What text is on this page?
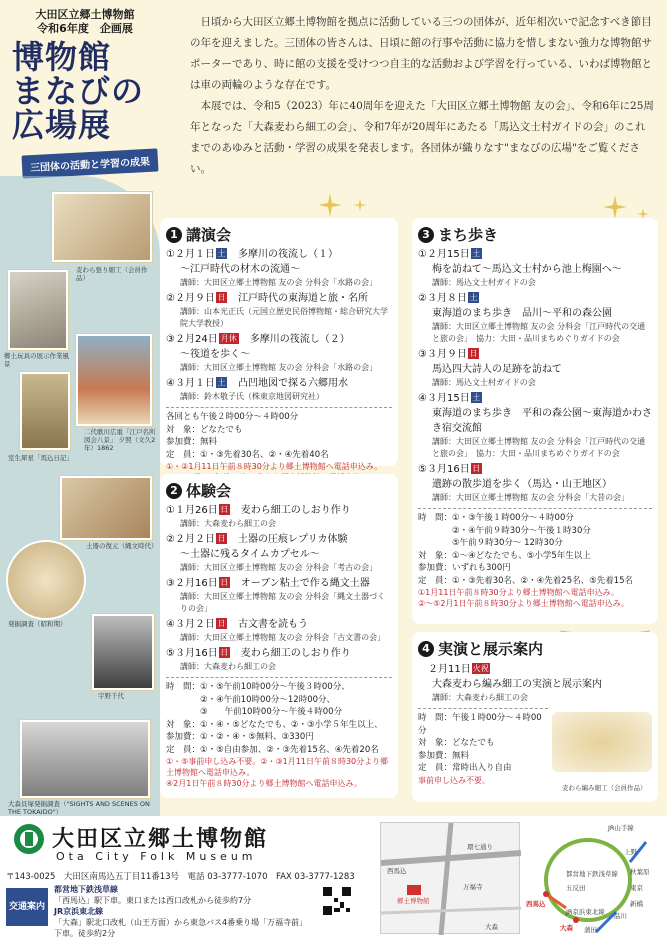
大田区立郷土博物館
令和6年度　企画展
博物館
まなびの
広場展
三団体の活動と学習の成果

日頃から大田区立郷土博物館を拠点に活動している三つの団体が、近年相次いで記念すべき節目の年を迎えました。三団体の皆さんは、日頃に館の行事や活動に協力を惜しまない強力な博物館サポーターであり、時に館の支援を受けつつ自主的な活動および学習を行っている、いわば博物館とは車の両輪のような存在です。

本展では、令和5（2023）年に40周年を迎えた「大田区立郷土博物館 友の会」、令和6年に25周年となった「大森麦わら細工の会」、令和7年が20周年にあたる「馬込文士村ガイドの会」のこれまでのあゆみと活動・学習の成果を発表します。各団体が織りなす"まなびの広場"をご覧ください。

麦わら張り細工（会員作品）
郷土玩具の展示作業風景
室生犀星「馬込日記」
二代歌川広重「江戸名所図会八景」 夕照（文久2年）1862
土器の復元（縄文時代）
発掘調査（昭和期）
宇野千代
大森貝塚発掘調査（"SIGHTS AND SCENES ON THE TOKAIDO"）
1 講演会
①２月１日 土　 多摩川の筏流し（１）
～江戸時代の材木の流通～
講師：大田区立郷土博物館 友の会 分科会「水路の会」
②２月９日 日　 江戸時代の東海道と旅・名所
講師：山本光正氏（元国立歴史民俗博物館・総合研究大学院大学教授）
③２月24日 月休　 多摩川の筏流し（２）
～筏道を歩く～
講師：大田区立郷土博物館 友の会 分科会「水路の会」
④３月１日 土　 凸凹地図で探る六郷用水
講師：鈴木敬子氏（株東京地図研究社）
各回とも午後２時00分～４時00分
対　象：どなたでも
参加費：無料
定　員：①・③先着30名、②・④先着40名
①・②1月11日午前８時30分より郷土博物館へ電話申込み。
2 体験会
①１月26日 日　 麦わら細工のしおり作り
講師：大森麦わら細工の会
②２月２日 日　 土器の圧痕レプリカ体験
～土器に残るタイムカプセル～
講師：大田区立郷土博物館 友の会 分科会「考古の会」
③２月16日 日　 オーブン粘土で作る縄文土器
講師：大田区立郷土博物館 友の会 分科会「縄文土器づくりの会」
④３月２日 日　 古文書を読もう
講師：大田区立郷土博物館 友の会 分科会「古文書の会」
⑤３月16日 日　 麦わら細工のしおり作り
講師：大森麦わら細工の会
時　間：①・⑤午前10時00分～午後３時00分、
　　　　②・④午前10時00分～12時00分、
　　　　③　　午前10時00分～午後４時00分
対　象：①・④・⑤どなたでも、②・③小学５年生以上、
参加費：①・②・④・⑤無料、③330円
定　員：①・⑤自由参加、②・③先着15名、④先着20名
①・⑤事前申し込み不要。②・③1月11日午前８時30分より郷土博物館へ電話申込み。
④2月1日午前８時30分より郷土博物館へ電話申込み。
3 まち歩き
①２月15日 土
梅を訪ねて～馬込文士村から池上梅園へ～
講師：馬込文士村ガイドの会
②３月８日 土
東海道のまち歩き　品川～平和の森公園
講師：大田区立郷土博物館 友の会 分科会「江戸時代の交通と旅の会」　協力：大田・品川まちめぐりガイドの会
③３月９日 日
馬込四大詩人の足跡を訪ねて
講師：馬込文士村ガイドの会
④３月15日 土
東海道のまち歩き　平和の森公園～東海道かわさき宿交流館
講師：大田区立郷土博物館 友の会 分科会「江戸時代の交通と旅の会」　協力：大田・品川まちめぐりガイドの会
⑤３月16日 日
遺跡の散歩道を歩く（馬込・山王地区）
講師：大田区立郷土博物館 友の会 分科会「大昔の会」
時　間：①・③午後１時00分～４時00分
　　　　②・④午前９時30分～午後１時30分
　　　　⑤午前９時30分～ 12時30分
対　象：①～④どなたでも、⑤小学5年生以上
参加費：いずれも300円
定　員：①・③先着30名、②・④先着25名、⑤先着15名
①1月11日午前８時30分より郷土博物館へ電話申込み。
②～⑤2月1日午前８時30分より郷土博物館へ電話申込み。
4 実演と展示案内
２月11日 火祝
大森麦わら編み細工の実演と展示案内
講師：大森麦わら細工の会
時　間：午後１時00分～４時00分
対　象：どなたでも
参加費：無料
定　員：常時出入り自由
事前申し込み不要。
麦わら編み細工（会員作品）
大田区立郷土博物館
Ota City Folk Museum
〒143-0025　大田区南馬込五丁目11番13号　電話 03-3777-1070　FAX 03-3777-1283
交通案内
都営地下鉄浅草線
「西馬込」駅下車。東口または西口改札から徒歩約7分
JR京浜東北線
「大森」駅北口改札（山王方面）から東急バス4番乗り場「万福寺前」下車。徒歩約2分
環七通り
西馬込
郷土博物館
万福寺
大森
上野
秋葉原
東京
新橋
品川
五反田
西馬込
大森 蒲田
JR京浜東北線
都営地下鉄浅草線
JR山手線
